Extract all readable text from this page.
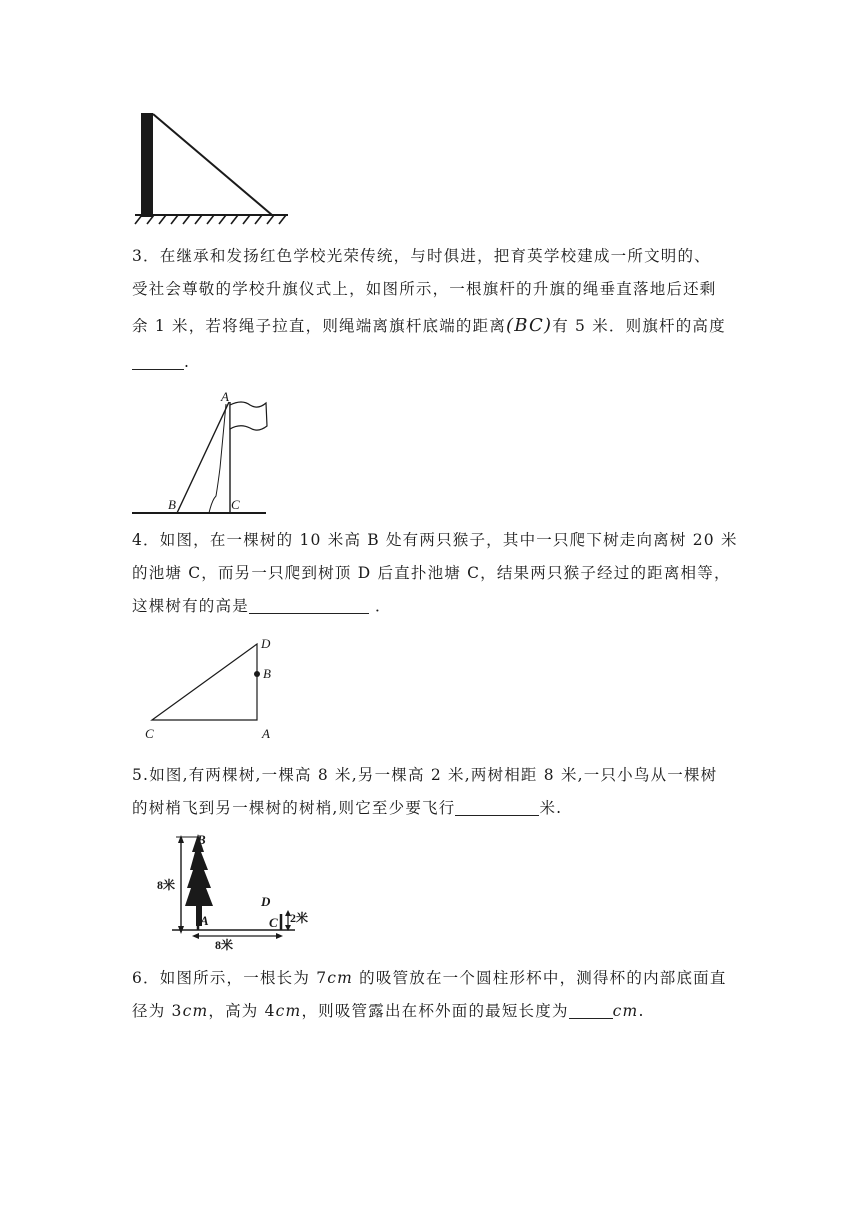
3．在继承和发扬红色学校光荣传统，与时俱进，把育英学校建成一所文明的、

受社会尊敬的学校升旗仪式上，如图所示，一根旗杆的升旗的绳垂直落地后还剩

余 1 米，若将绳子拉直，则绳端离旗杆底端的距离(BC)有 5 米．则旗杆的高度

.

A
B	C

4．如图，在一棵树的 10 米高 B 处有两只猴子，其中一只爬下树走向离树 20 米

的池塘 C，而另一只爬到树顶 D 后直扑池塘 C，结果两只猴子经过的距离相等，

这棵树有的高是	．

D
B
C	A

5.如图,有两棵树,一棵高 8 米,另一棵高 2 米,两树相距 8 米,一只小鸟从一棵树

的树梢飞到另一棵树的树梢,则它至少要飞行	米.

8米
B
A
D
C 2米
8米

6．如图所示，一根长为 7cm 的吸管放在一个圆柱形杯中，测得杯的内部底面直

径为 3cm，高为 4cm，则吸管露出在杯外面的最短长度为	cm.
